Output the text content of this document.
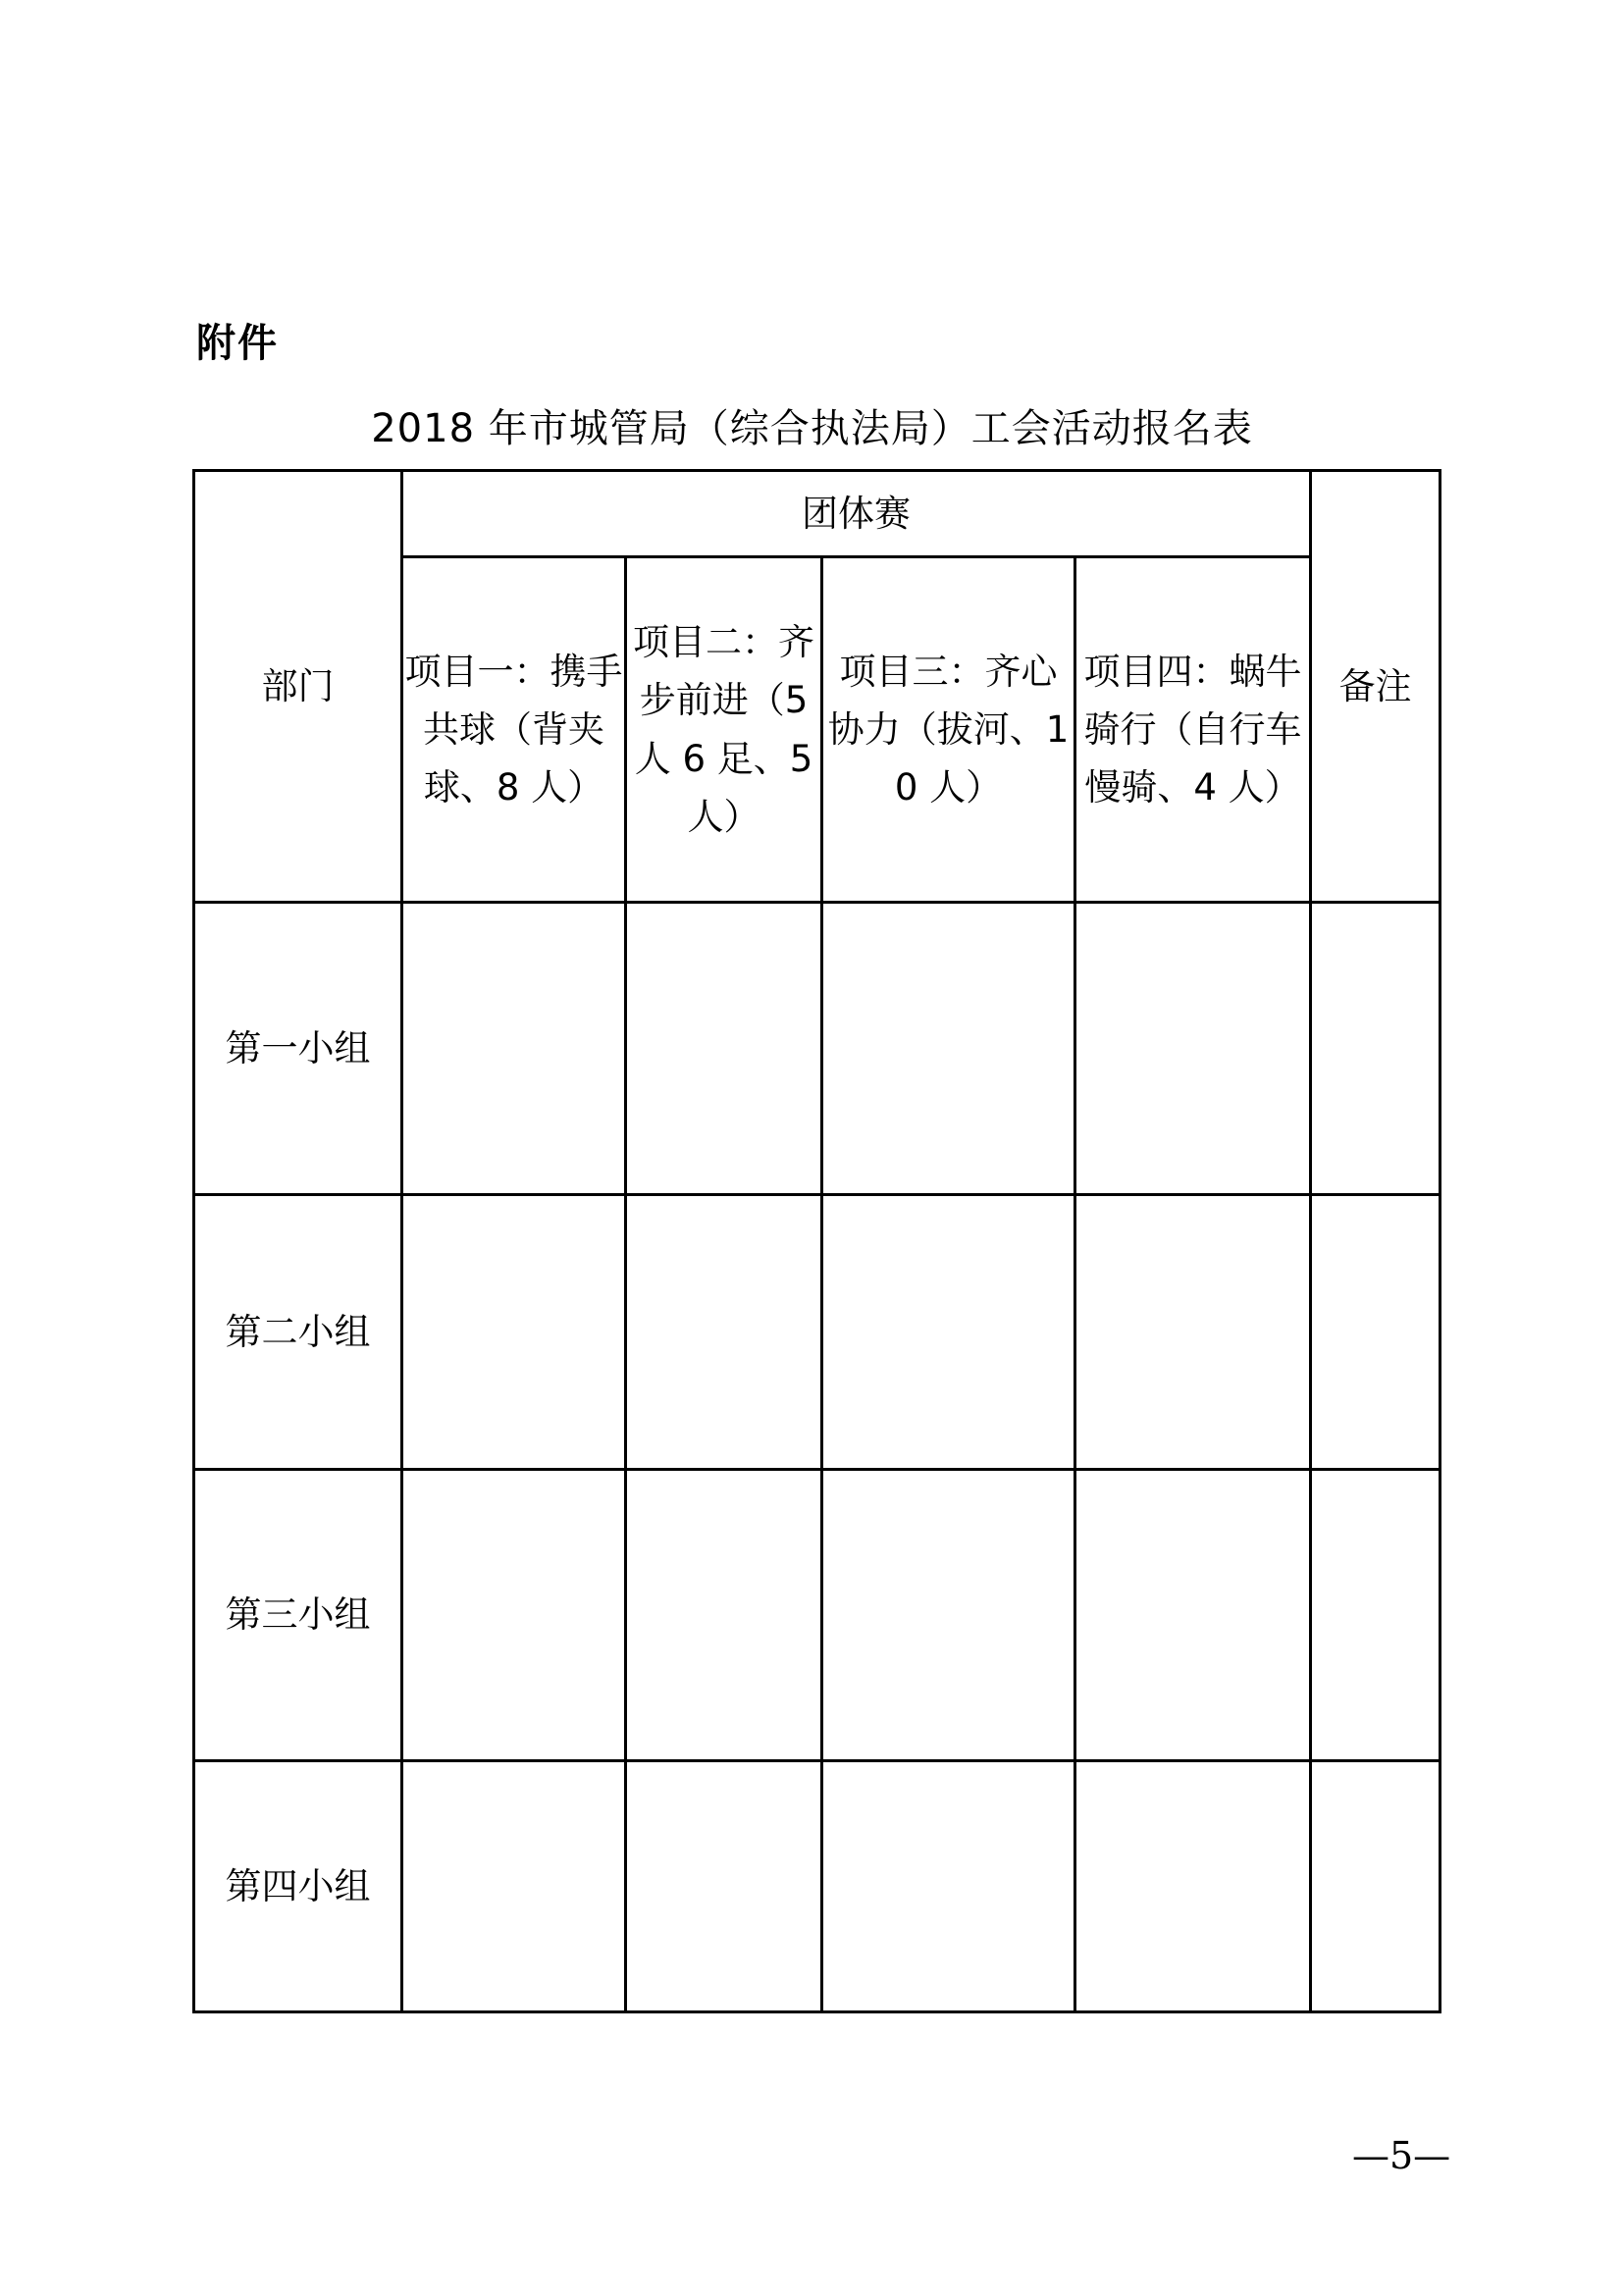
附件
2018 年市城管局（综合执法局）工会活动报名表
部门	团体赛				备注
	项目一：携手共球（背夹球、8 人）	项目二：齐步前进（5 人 6 足、5 人）	项目三：齐心协力（拔河、10 人）	项目四：蜗牛骑行（自行车慢骑、4 人）	
第一小组					
第二小组					
第三小组					
第四小组					
—5—
